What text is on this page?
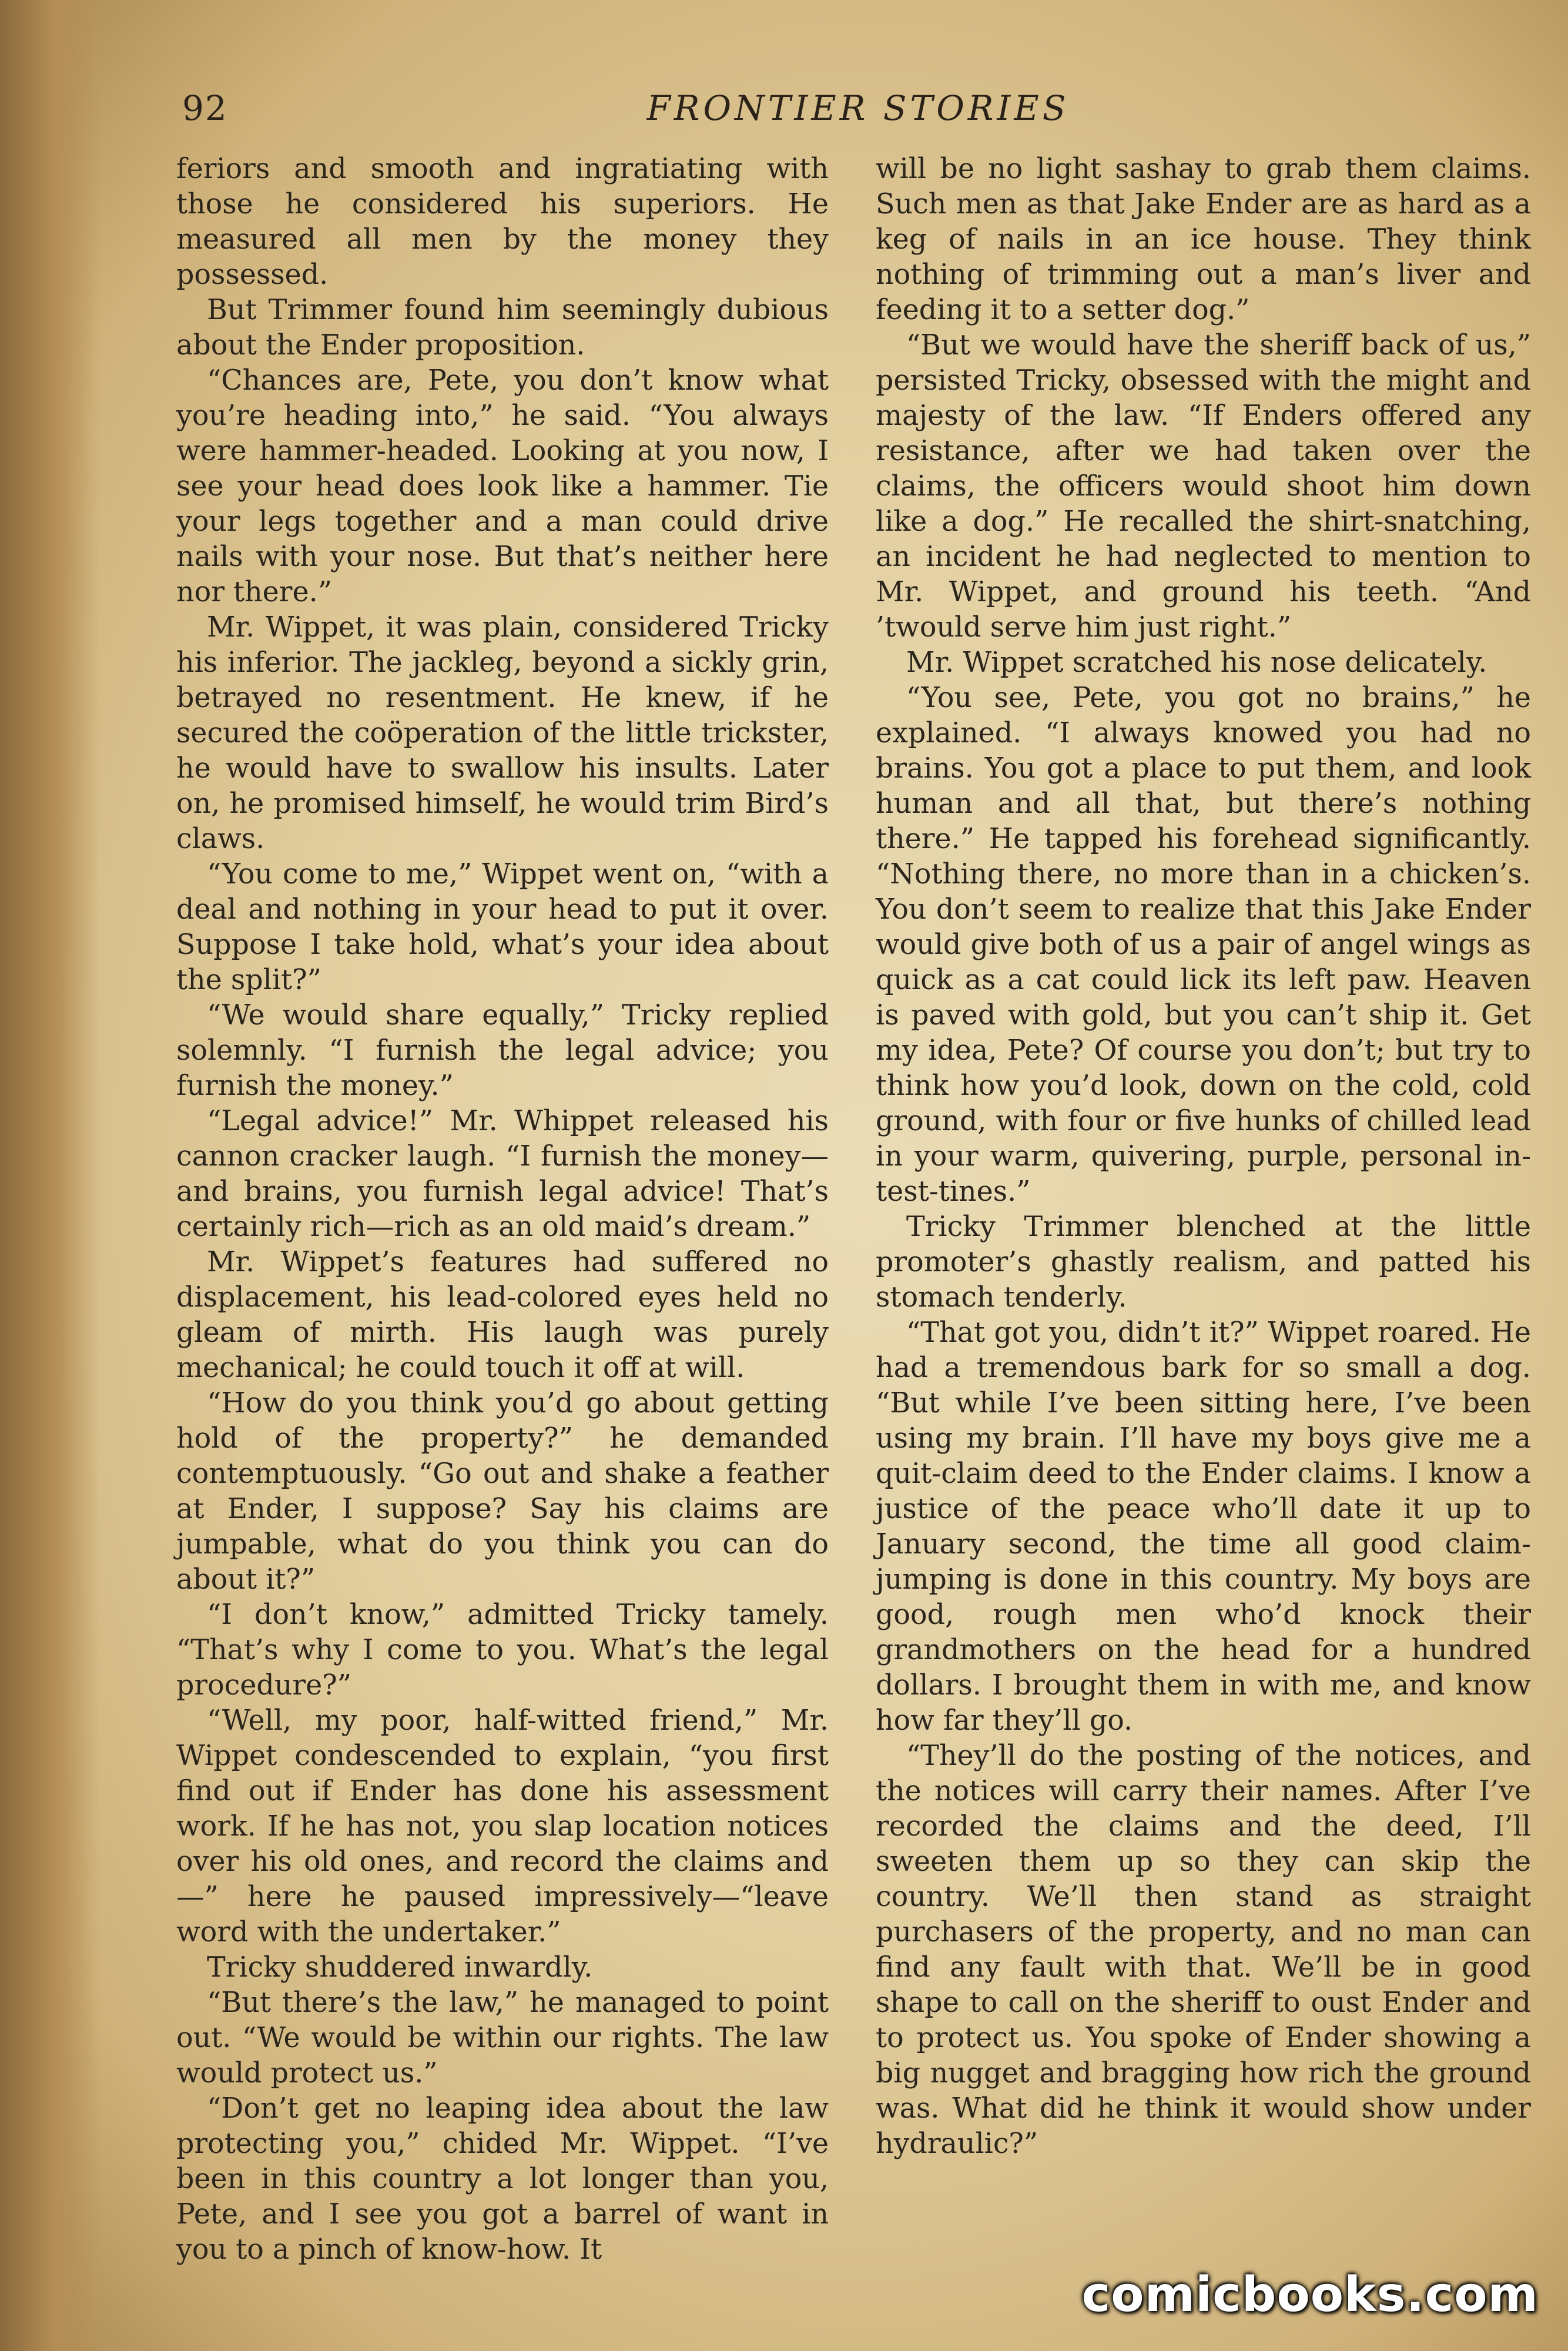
92	FRONTIER STORIES

feriors and smooth and ingratiating with those he considered his superiors. He measured all men by the money they possessed.

But Trimmer found him seemingly dubious about the Ender proposition.

“Chances are, Pete, you don’t know what you’re heading into,” he said. “You always were hammer-headed. Looking at you now, I see your head does look like a hammer. Tie your legs together and a man could drive nails with your nose. But that’s neither here nor there.”

Mr. Wippet, it was plain, considered Tricky his inferior. The jackleg, beyond a sickly grin, betrayed no resentment. He knew, if he secured the coöperation of the little trickster, he would have to swallow his insults. Later on, he promised himself, he would trim Bird’s claws.

“You come to me,” Wippet went on, “with a deal and nothing in your head to put it over. Suppose I take hold, what’s your idea about the split?”

“We would share equally,” Tricky replied solemnly. “I furnish the legal advice; you furnish the money.”

“Legal advice!” Mr. Whippet released his cannon cracker laugh. “I furnish the money—and brains, you furnish legal advice! That’s certainly rich—rich as an old maid’s dream.”

Mr. Wippet’s features had suffered no displacement, his lead-colored eyes held no gleam of mirth. His laugh was purely mechanical; he could touch it off at will.

“How do you think you’d go about getting hold of the property?” he demanded contemptuously. “Go out and shake a feather at Ender, I suppose? Say his claims are jumpable, what do you think you can do about it?”

“I don’t know,” admitted Tricky tamely. “That’s why I come to you. What’s the legal procedure?”

“Well, my poor, half-witted friend,” Mr. Wippet condescended to explain, “you first find out if Ender has done his assessment work. If he has not, you slap location notices over his old ones, and record the claims and—” here he paused impressively—“leave word with the undertaker.”

Tricky shuddered inwardly.

“But there’s the law,” he managed to point out. “We would be within our rights. The law would protect us.”

“Don’t get no leaping idea about the law protecting you,” chided Mr. Wippet. “I’ve been in this country a lot longer than you, Pete, and I see you got a barrel of want in you to a pinch of know-how. It

will be no light sashay to grab them claims. Such men as that Jake Ender are as hard as a keg of nails in an ice house. They think nothing of trimming out a man’s liver and feeding it to a setter dog.”

“But we would have the sheriff back of us,” persisted Tricky, obsessed with the might and majesty of the law. “If Enders offered any resistance, after we had taken over the claims, the officers would shoot him down like a dog.” He recalled the shirt-snatching, an incident he had neglected to mention to Mr. Wippet, and ground his teeth. “And ’twould serve him just right.”

Mr. Wippet scratched his nose delicately.

“You see, Pete, you got no brains,” he explained. “I always knowed you had no brains. You got a place to put them, and look human and all that, but there’s nothing there.” He tapped his forehead significantly. “Nothing there, no more than in a chicken’s. You don’t seem to realize that this Jake Ender would give both of us a pair of angel wings as quick as a cat could lick its left paw. Heaven is paved with gold, but you can’t ship it. Get my idea, Pete? Of course you don’t; but try to think how you’d look, down on the cold, cold ground, with four or five hunks of chilled lead in your warm, quivering, purple, personal in-test-tines.”

Tricky Trimmer blenched at the little promoter’s ghastly realism, and patted his stomach tenderly.

“That got you, didn’t it?” Wippet roared. He had a tremendous bark for so small a dog. “But while I’ve been sitting here, I’ve been using my brain. I’ll have my boys give me a quit-claim deed to the Ender claims. I know a justice of the peace who’ll date it up to January second, the time all good claim-jumping is done in this country. My boys are good, rough men who’d knock their grandmothers on the head for a hundred dollars. I brought them in with me, and know how far they’ll go.

“They’ll do the posting of the notices, and the notices will carry their names. After I’ve recorded the claims and the deed, I’ll sweeten them up so they can skip the country. We’ll then stand as straight purchasers of the property, and no man can find any fault with that. We’ll be in good shape to call on the sheriff to oust Ender and to protect us. You spoke of Ender showing a big nugget and bragging how rich the ground was. What did he think it would show under hydraulic?”

comicbooks.com
